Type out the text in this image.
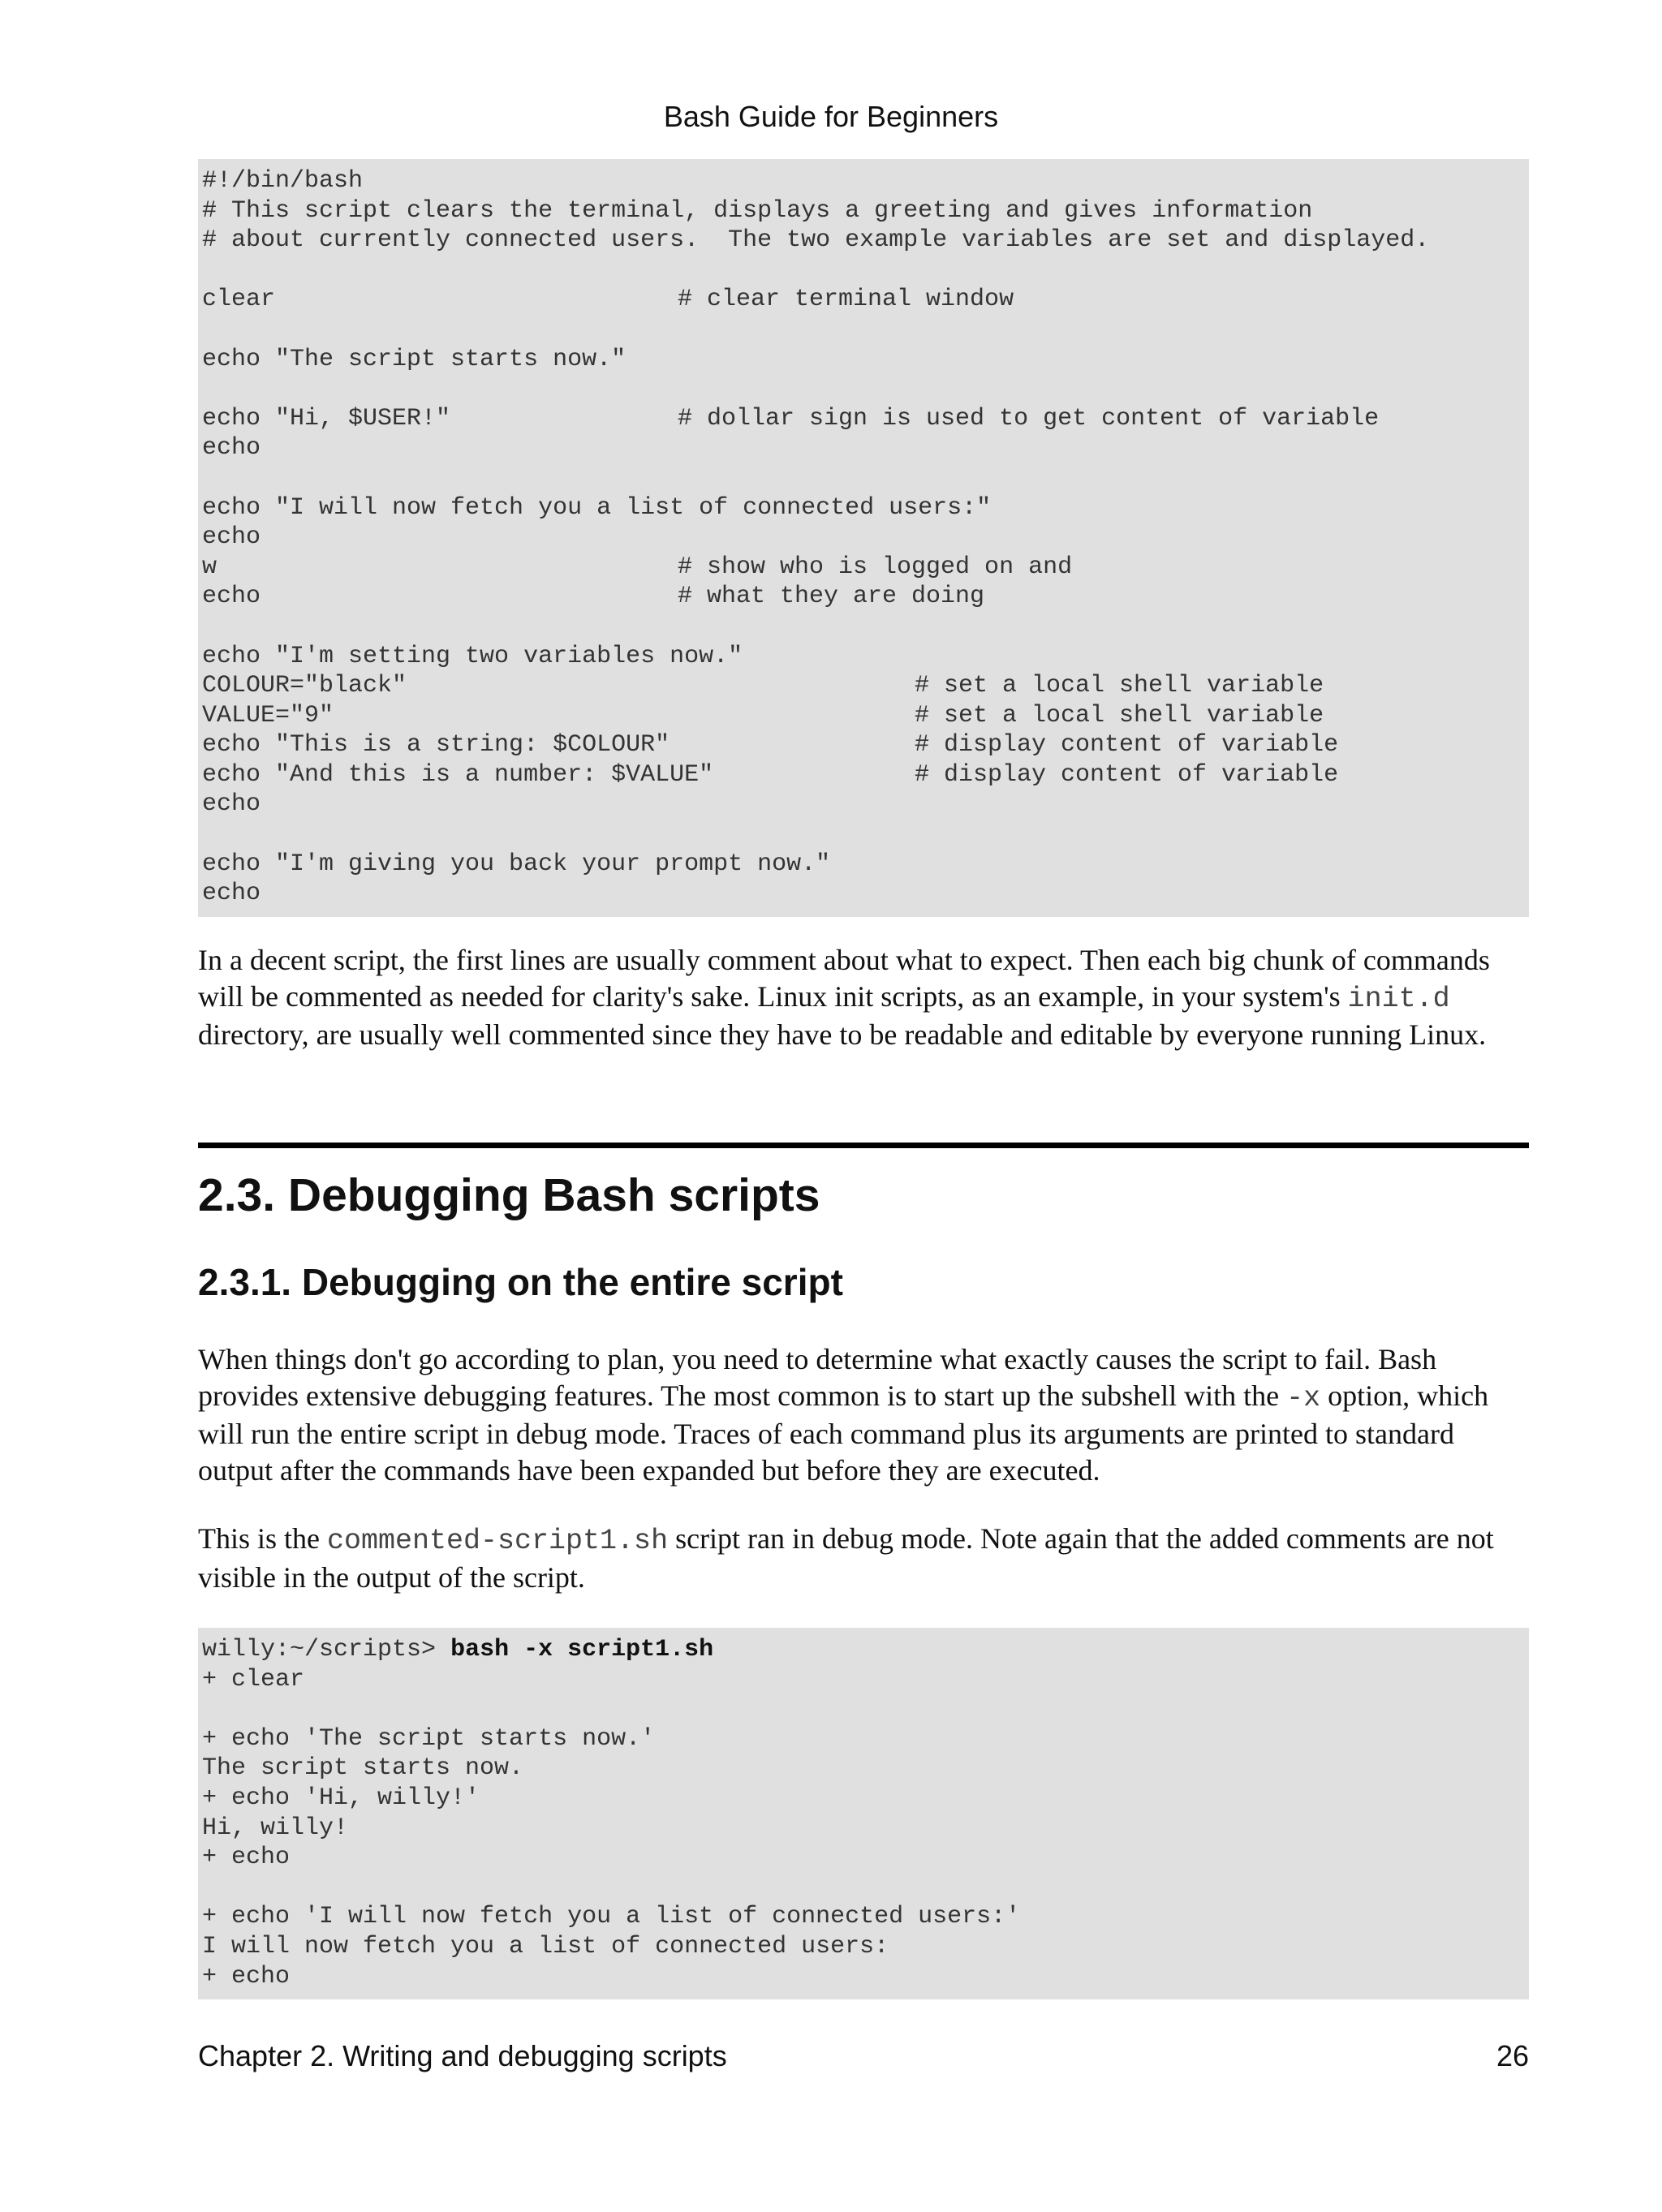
Bash Guide for Beginners
#!/bin/bash
# This script clears the terminal, displays a greeting and gives information
# about currently connected users.  The two example variables are set and displayed.
clear	# clear terminal window
echo "The script starts now."
echo "Hi, $USER!"	# dollar sign is used to get content of variable
echo
echo "I will now fetch you a list of connected users:"
echo
w	# show who is logged on and
echo	# what they are doing
echo "I'm setting two variables now."
COLOUR="black"	# set a local shell variable
VALUE="9"	# set a local shell variable
echo "This is a string: $COLOUR"	# display content of variable
echo "And this is a number: $VALUE"	# display content of variable
echo
echo "I'm giving you back your prompt now."
echo

In a decent script, the first lines are usually comment about what to expect. Then each big chunk of commands will be commented as needed for clarity's sake. Linux init scripts, as an example, in your system's init.d directory, are usually well commented since they have to be readable and editable by everyone running Linux.

2.3. Debugging Bash scripts
2.3.1. Debugging on the entire script

When things don't go according to plan, you need to determine what exactly causes the script to fail. Bash provides extensive debugging features. The most common is to start up the subshell with the -x option, which will run the entire script in debug mode. Traces of each command plus its arguments are printed to standard output after the commands have been expanded but before they are executed.

This is the commented-script1.sh script ran in debug mode. Note again that the added comments are not visible in the output of the script.

willy:~/scripts> bash -x script1.sh
+ clear
+ echo 'The script starts now.'
The script starts now.
+ echo 'Hi, willy!'
Hi, willy!
+ echo
+ echo 'I will now fetch you a list of connected users:'
I will now fetch you a list of connected users:
+ echo
Chapter 2. Writing and debugging scripts	26
